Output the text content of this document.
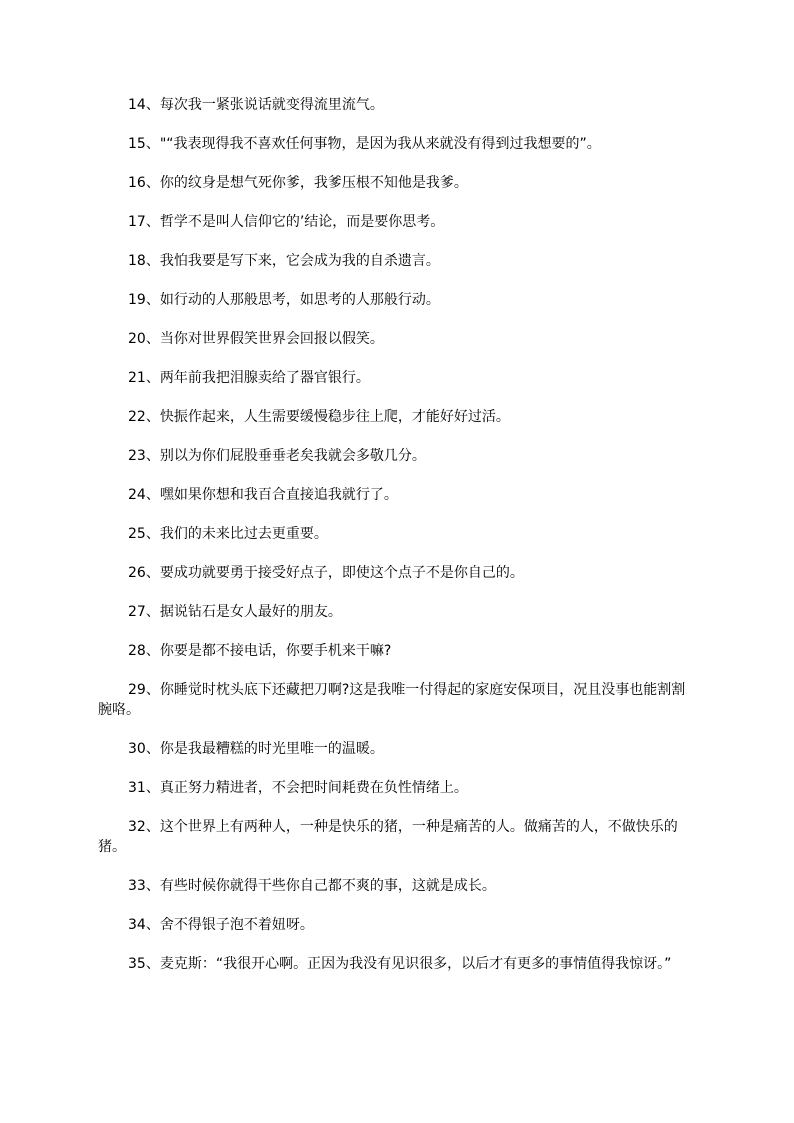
14、每次我一紧张说话就变得流里流气。

15、"“我表现得我不喜欢任何事物，是因为我从来就没有得到过我想要的”。

16、你的纹身是想气死你爹，我爹压根不知他是我爹。

17、哲学不是叫人信仰它的’结论，而是要你思考。

18、我怕我要是写下来，它会成为我的自杀遗言。

19、如行动的人那般思考，如思考的人那般行动。

20、当你对世界假笑世界会回报以假笑。

21、两年前我把泪腺卖给了器官银行。

22、快振作起来，人生需要缓慢稳步往上爬，才能好好过活。

23、别以为你们屁股垂垂老矣我就会多敬几分。

24、嘿如果你想和我百合直接追我就行了。

25、我们的未来比过去更重要。

26、要成功就要勇于接受好点子，即使这个点子不是你自己的。

27、据说钻石是女人最好的朋友。

28、你要是都不接电话，你要手机来干嘛?

29、你睡觉时枕头底下还藏把刀啊?这是我唯一付得起的家庭安保项目，况且没事也能割割腕咯。

30、你是我最糟糕的时光里唯一的温暖。

31、真正努力精进者，不会把时间耗费在负性情绪上。

32、这个世界上有两种人，一种是快乐的猪，一种是痛苦的人。做痛苦的人，不做快乐的猪。

33、有些时候你就得干些你自己都不爽的事，这就是成长。

34、舍不得银子泡不着妞呀。

35、麦克斯：“我很开心啊。正因为我没有见识很多，以后才有更多的事情值得我惊讶。”
